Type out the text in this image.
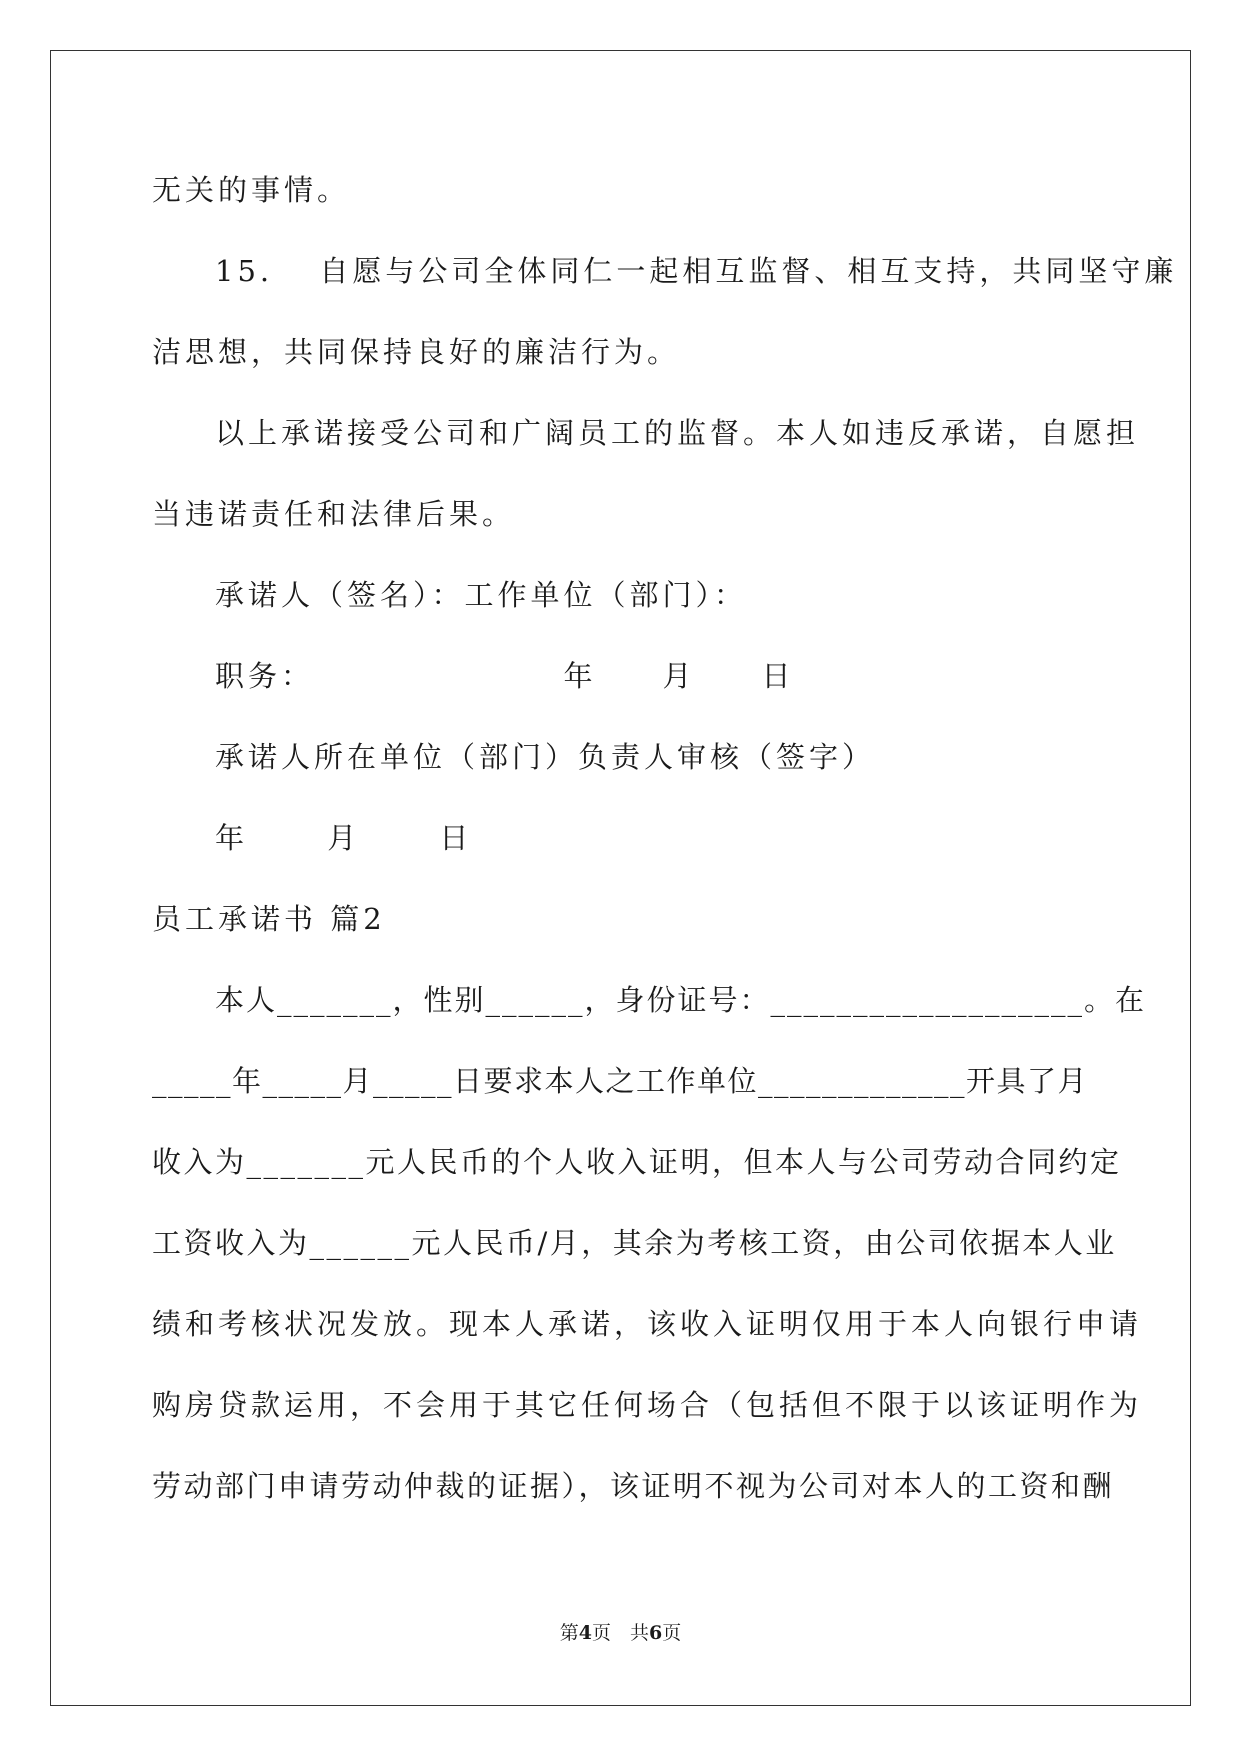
无关的事情。
15.　 自愿与公司全体同仁一起相互监督、相互支持，共同坚守廉
洁思想，共同保持良好的廉洁行为。
以上承诺接受公司和广阔员工的监督。本人如违反承诺，自愿担
当违诺责任和法律后果。
承诺人（签名）：工作单位（部门）：
职务：　　　　　　　　年　　月　　日
承诺人所在单位（部门）负责人审核（签字）
年　　 月　　 日
员工承诺书 篇2
本人_______，性别______，身份证号：___________________。在
_____年_____月_____日要求本人之工作单位_____________开具了月
收入为_______元人民币的个人收入证明，但本人与公司劳动合同约定
工资收入为______元人民币/月，其余为考核工资，由公司依据本人业
绩和考核状况发放。现本人承诺，该收入证明仅用于本人向银行申请
购房贷款运用，不会用于其它任何场合（包括但不限于以该证明作为
劳动部门申请劳动仲裁的证据），该证明不视为公司对本人的工资和酬
第4页　共6页
